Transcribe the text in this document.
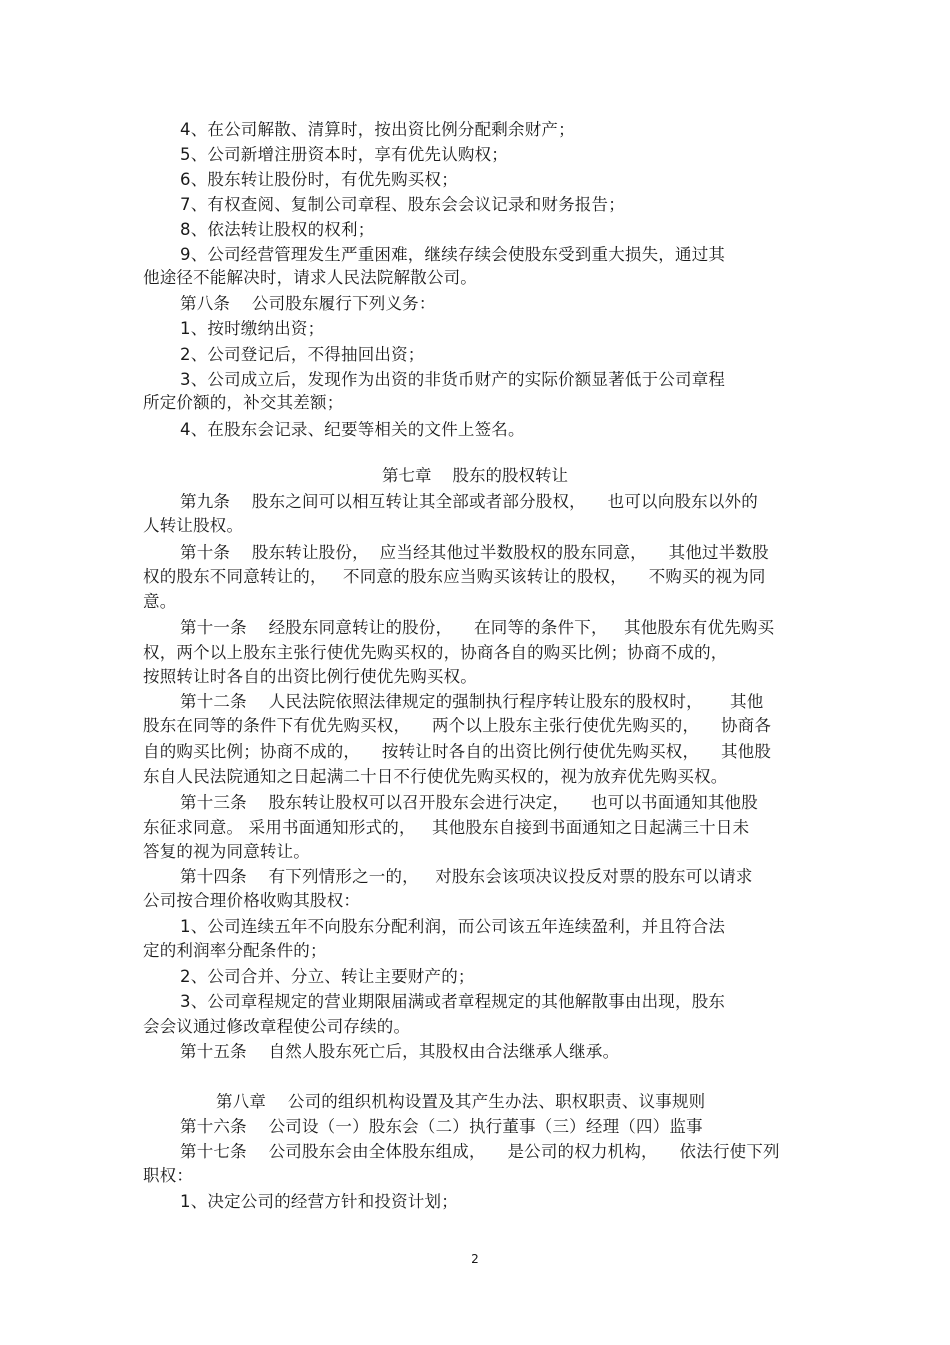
4、在公司解散、清算时，按出资比例分配剩余财产；
5、公司新增注册资本时，享有优先认购权；
6、股东转让股份时，有优先购买权；
7、有权查阅、复制公司章程、股东会会议记录和财务报告；
8、依法转让股权的权利；
9、公司经营管理发生严重困难，继续存续会使股东受到重大损失，通过其
他途径不能解决时，请求人民法院解散公司。
第八条    公司股东履行下列义务：
1、按时缴纳出资；
2、公司登记后，不得抽回出资；
3、公司成立后，发现作为出资的非货币财产的实际价额显著低于公司章程
所定价额的，补交其差额；
4、在股东会记录、纪要等相关的文件上签名。
第七章    股东的股权转让
第九条    股东之间可以相互转让其全部或者部分股权，    也可以向股东以外的
人转让股权。
第十条    股东转让股份，  应当经其他过半数股权的股东同意，    其他过半数股
权的股东不同意转让的，   不同意的股东应当购买该转让的股权，    不购买的视为同
意。
第十一条    经股东同意转让的股份，    在同等的条件下，   其他股东有优先购买
权，两个以上股东主张行使优先购买权的，协商各自的购买比例；协商不成的，
按照转让时各自的出资比例行使优先购买权。
第十二条    人民法院依照法律规定的强制执行程序转让股东的股权时，     其他
股东在同等的条件下有优先购买权，    两个以上股东主张行使优先购买的，    协商各
自的购买比例；协商不成的，    按转让时各自的出资比例行使优先购买权，    其他股
东自人民法院通知之日起满二十日不行使优先购买权的，视为放弃优先购买权。
第十三条    股东转让股权可以召开股东会进行决定，    也可以书面通知其他股
东征求同意。 采用书面通知形式的，   其他股东自接到书面通知之日起满三十日未
答复的视为同意转让。
第十四条    有下列情形之一的，   对股东会该项决议投反对票的股东可以请求
公司按合理价格收购其股权：
1、公司连续五年不向股东分配利润，而公司该五年连续盈利，并且符合法
定的利润率分配条件的；
2、公司合并、分立、转让主要财产的；
3、公司章程规定的营业期限届满或者章程规定的其他解散事由出现，股东
会会议通过修改章程使公司存续的。
第十五条    自然人股东死亡后，其股权由合法继承人继承。
第八章    公司的组织机构设置及其产生办法、职权职责、议事规则
第十六条    公司设（一）股东会（二）执行董事（三）经理（四）监事
第十七条    公司股东会由全体股东组成，    是公司的权力机构，    依法行使下列
职权：
1、决定公司的经营方针和投资计划；
2
